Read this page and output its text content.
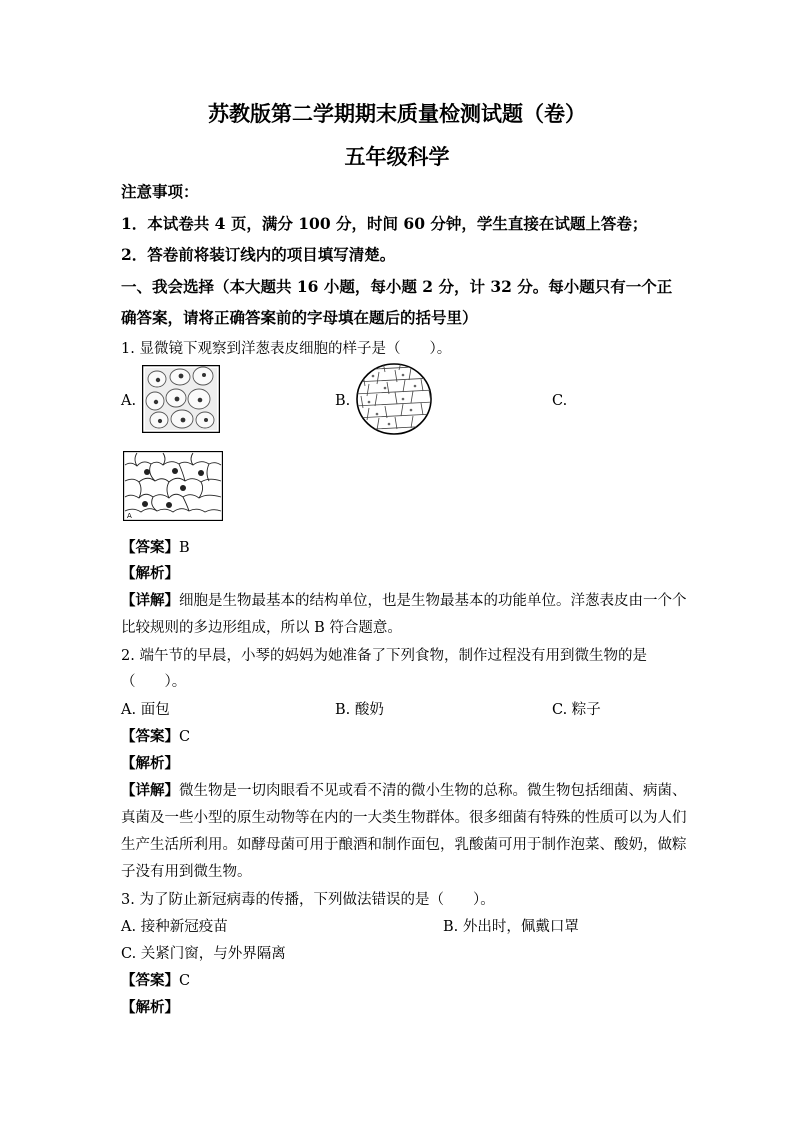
苏教版第二学期期末质量检测试题（卷）
五年级科学
注意事项：
1．本试卷共 4 页，满分 100 分，时间 60 分钟，学生直接在试题上答卷；
2．答卷前将装订线内的项目填写清楚。
一、我会选择（本大题共 16 小题，每小题 2 分，计 32 分。每小题只有一个正
确答案，请将正确答案前的字母填在题后的括号里）
1. 显微镜下观察到洋葱表皮细胞的样子是（　　）。
A.	B.	C.
A
【答案】B
【解析】
【详解】细胞是生物最基本的结构单位，也是生物最基本的功能单位。洋葱表皮由一个个
比较规则的多边形组成，所以 B 符合题意。
2. 端午节的早晨，小琴的妈妈为她准备了下列食物，制作过程没有用到微生物的是
（　　）。
A. 面包	B. 酸奶	C. 粽子
【答案】C
【解析】
【详解】微生物是一切肉眼看不见或看不清的微小生物的总称。微生物包括细菌、病菌、
真菌及一些小型的原生动物等在内的一大类生物群体。很多细菌有特殊的性质可以为人们
生产生活所利用。如酵母菌可用于酿酒和制作面包，乳酸菌可用于制作泡菜、酸奶，做粽
子没有用到微生物。
3. 为了防止新冠病毒的传播，下列做法错误的是（　　）。
A. 接种新冠疫苗	B. 外出时，佩戴口罩
C. 关紧门窗，与外界隔离
【答案】C
【解析】
